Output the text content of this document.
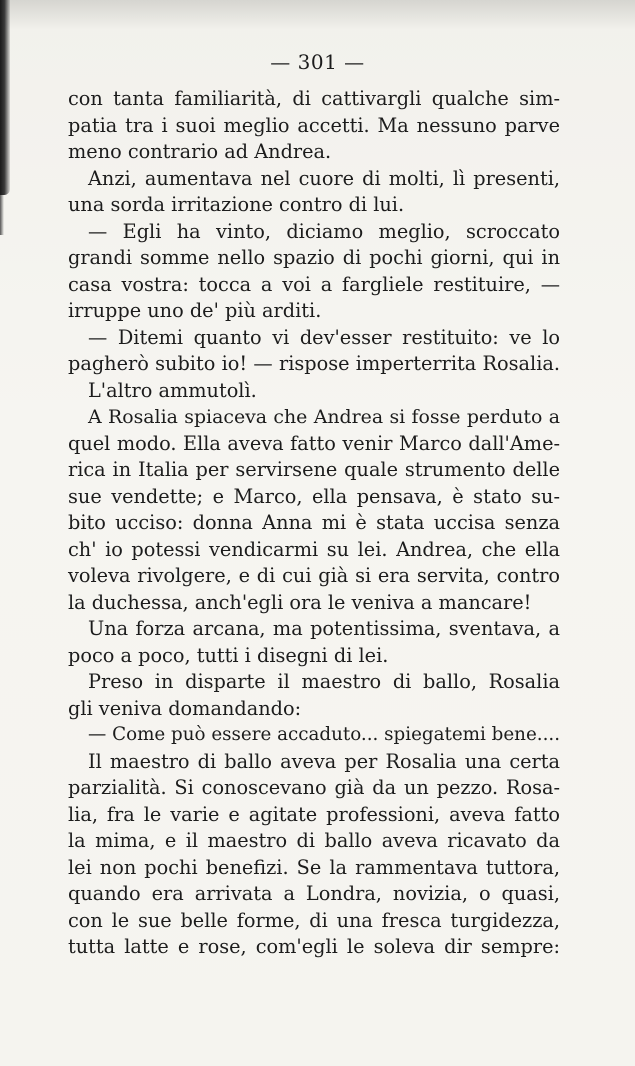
— 301 —
con tanta familiarità, di cattivargli qualche sim-
patia tra i suoi meglio accetti. Ma nessuno parve
meno contrario ad Andrea.
Anzi, aumentava nel cuore di molti, lì presenti,
una sorda irritazione contro di lui.
— Egli ha vinto, diciamo meglio, scroccato
grandi somme nello spazio di pochi giorni, qui in
casa vostra: tocca a voi a fargliele restituire, —
irruppe uno de' più arditi.
— Ditemi quanto vi dev'esser restituito: ve lo
pagherò subito io! — rispose imperterrita Rosalia.
L'altro ammutolì.
A Rosalia spiaceva che Andrea si fosse perduto a
quel modo. Ella aveva fatto venir Marco dall'Ame-
rica in Italia per servirsene quale strumento delle
sue vendette; e Marco, ella pensava, è stato su-
bito ucciso: donna Anna mi è stata uccisa senza
ch' io potessi vendicarmi su lei. Andrea, che ella
voleva rivolgere, e di cui già si era servita, contro
la duchessa, anch'egli ora le veniva a mancare!
Una forza arcana, ma potentissima, sventava, a
poco a poco, tutti i disegni di lei.
Preso in disparte il maestro di ballo, Rosalia
gli veniva domandando:
— Come può essere accaduto... spiegatemi bene....
Il maestro di ballo aveva per Rosalia una certa
parzialità. Si conoscevano già da un pezzo. Rosa-
lia, fra le varie e agitate professioni, aveva fatto
la mima, e il maestro di ballo aveva ricavato da
lei non pochi benefizi. Se la rammentava tuttora,
quando era arrivata a Londra, novizia, o quasi,
con le sue belle forme, di una fresca turgidezza,
tutta latte e rose, com'egli le soleva dir sempre:
